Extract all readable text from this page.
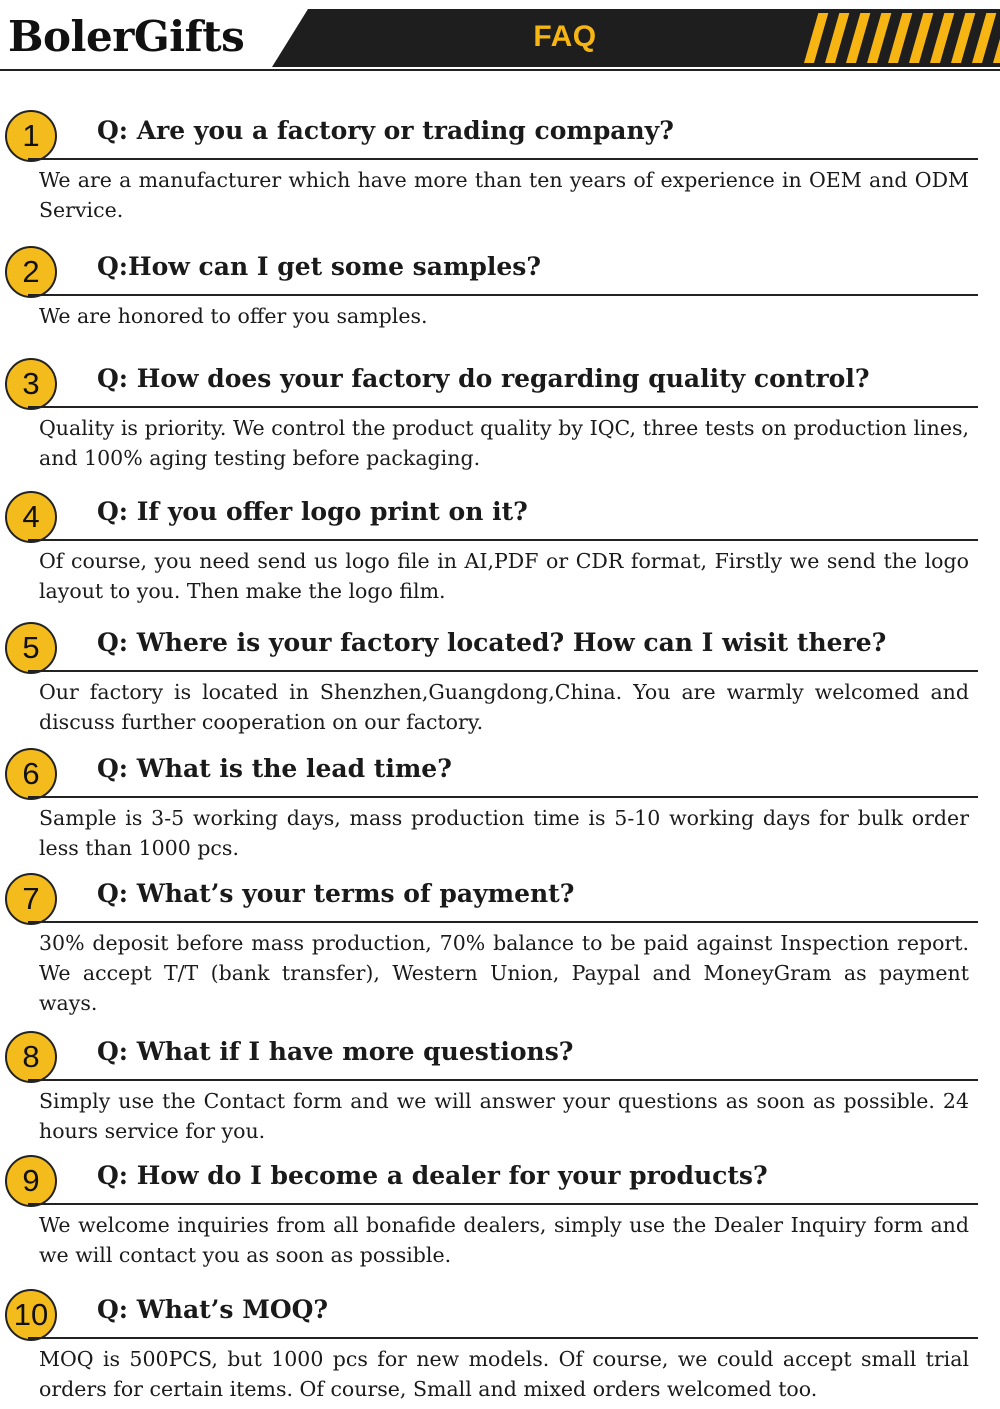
BolerGifts	FAQ
1 Q: Are you a factory or trading company?
We are a manufacturer which have more than ten years of experience in OEM and ODM Service.
2 Q:How can I get some samples?
We are honored to offer you samples.
3 Q: How does your factory do regarding quality control?
Quality is priority. We control the product quality by IQC, three tests on production lines, and 100% aging testing before packaging.
4 Q: If you offer logo print on it?
Of course, you need send us logo file in AI,PDF or CDR format, Firstly we send the logo layout to you. Then make the logo film.
5 Q: Where is your factory located? How can I wisit there?
Our factory is located in Shenzhen,Guangdong,China. You are warmly welcomed and discuss further cooperation on our factory.
6 Q: What is the lead time?
Sample is 3-5 working days, mass production time is 5-10 working days for bulk order less than 1000 pcs.
7 Q: What’s your terms of payment?
30% deposit before mass production, 70% balance to be paid against Inspection report. We accept T/T (bank transfer), Western Union, Paypal and MoneyGram as payment ways.
8 Q: What if I have more questions?
Simply use the Contact form and we will answer your questions as soon as possible. 24 hours service for you.
9 Q: How do I become a dealer for your products?
We welcome inquiries from all bonafide dealers, simply use the Dealer Inquiry form and we will contact you as soon as possible.
10 Q: What’s MOQ?
MOQ is 500PCS, but 1000 pcs for new models. Of course, we could accept small trial orders for certain items. Of course, Small and mixed orders welcomed too.
